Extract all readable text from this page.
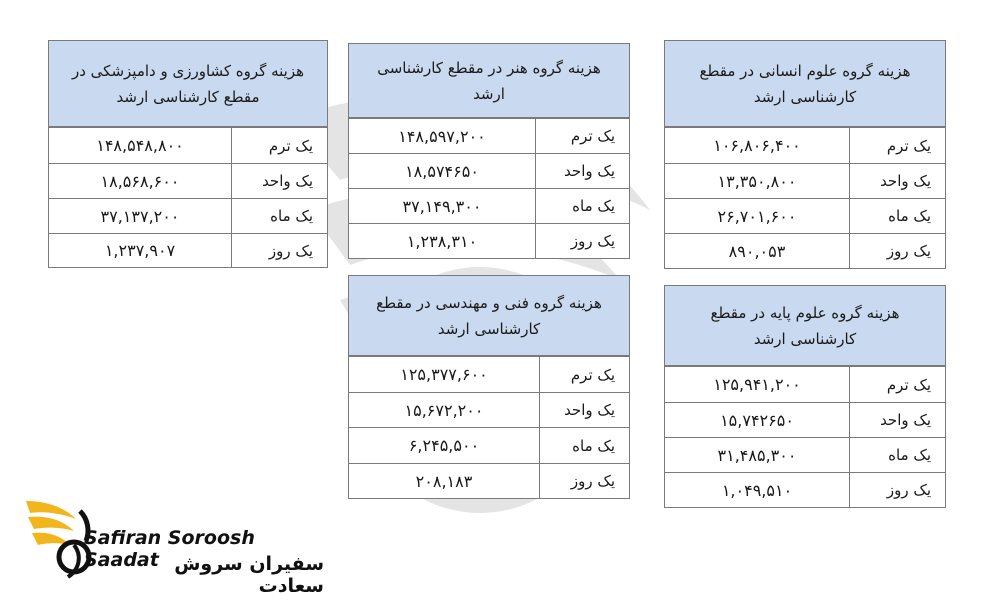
هزینه گروه کشاورزی و دامپزشکی در مقطع کارشناسی ارشد
یک ترم
۱۴۸,۵۴۸,۸۰۰
یک واحد
۱۸,۵۶۸,۶۰۰
یک ماه
۳۷,۱۳۷,۲۰۰
یک روز
۱,۲۳۷,۹۰۷
هزینه گروه هنر در مقطع کارشناسی ارشد
یک ترم
۱۴۸,۵۹۷,۲۰۰
یک واحد
۱۸,۵۷۴۶۵۰
یک ماه
۳۷,۱۴۹,۳۰۰
یک روز
۱,۲۳۸,۳۱۰
هزینه گروه علوم انسانی در مقطع کارشناسی ارشد
یک ترم
۱۰۶,۸۰۶,۴۰۰
یک واحد
۱۳,۳۵۰,۸۰۰
یک ماه
۲۶,۷۰۱,۶۰۰
یک روز
۸۹۰,۰۵۳
هزینه گروه فنی و مهندسی در مقطع کارشناسی ارشد
یک ترم
۱۲۵,۳۷۷,۶۰۰
یک واحد
۱۵,۶۷۲,۲۰۰
یک ماه
۶,۲۴۵,۵۰۰
یک روز
۲۰۸,۱۸۳
هزینه گروه علوم پایه در مقطع کارشناسی ارشد
یک ترم
۱۲۵,۹۴۱,۲۰۰
یک واحد
۱۵,۷۴۲۶۵۰
یک ماه
۳۱,۴۸۵,۳۰۰
یک روز
۱,۰۴۹,۵۱۰
Safiran Soroosh Saadat سفیران سروش سعادت
